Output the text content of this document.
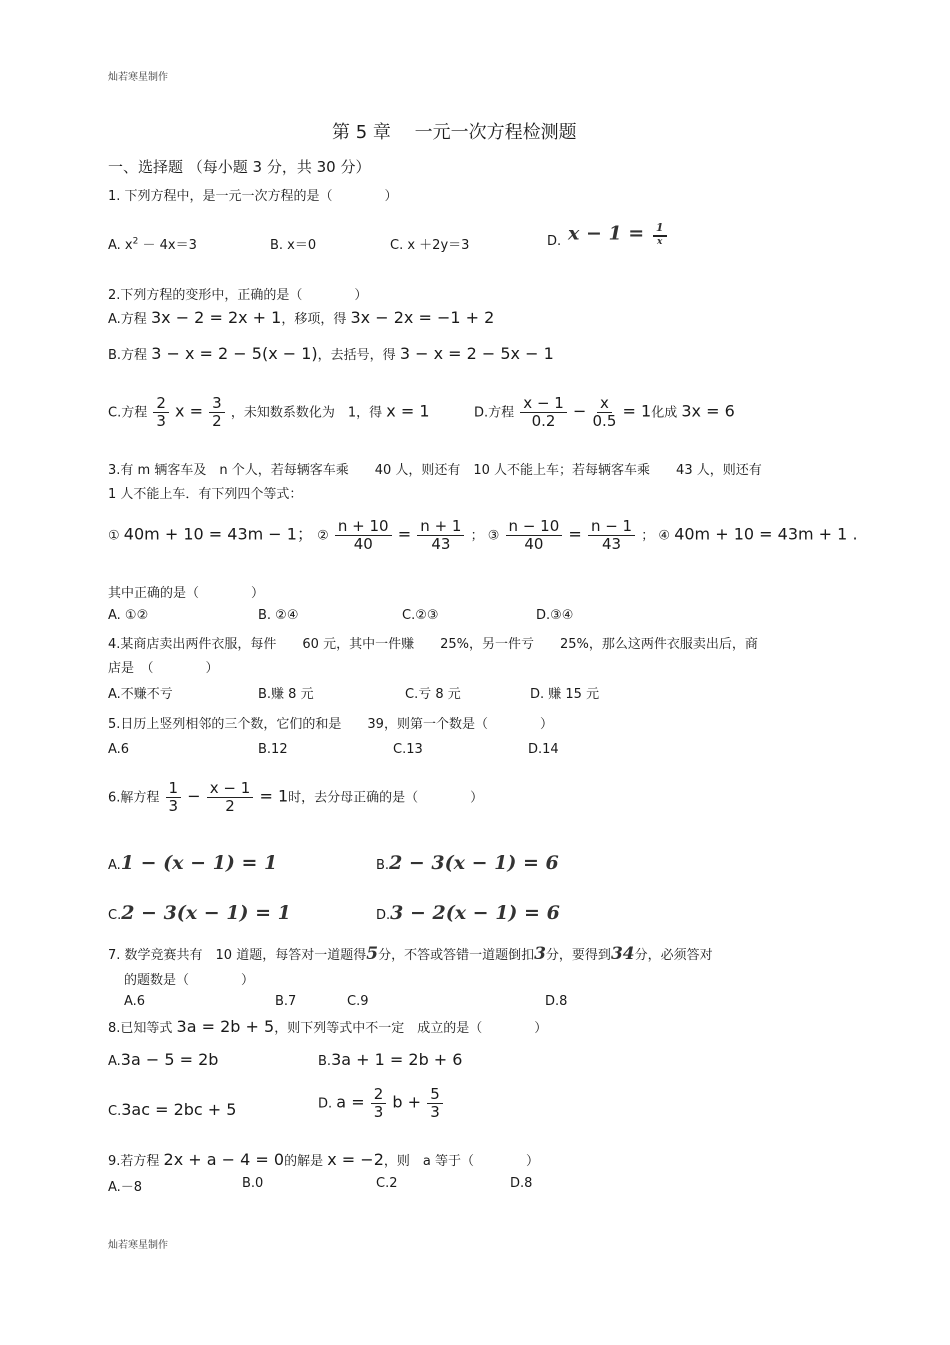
灿若寒星制作
灿若寒星制作
第 5 章　 一元一次方程检测题
一、选择题 （每小题 3 分，共 30 分）
1. 下列方程中，是一元一次方程的是（　　　　）
A. $x^2 - 4x=3$	B. x＝0	C. x ＋2y＝3	D. $x - 1 = \frac{1}{x}$
2.下列方程的变形中，正确的是（　　　　）
A.方程 3x − 2 = 2x + 1，移项，得 3x − 2x = −1 + 2
B.方程 3 − x = 2 − 5(x − 1)，去括号，得 3 − x = 2 − 5x − 1
C.方程 $\frac{2}{3}$ $x = \frac{3}{2}$ ，未知数系数化为　1，得 x = 1	D.方程 $\frac{x - 1}{0.2} - \frac{x}{0.5} = 1$化成 3x = 6
3.有 m 辆客车及　n 个人，若每辆客车乘　　40 人，则还有　10 人不能上车；若每辆客车乘　　43 人，则还有
1 人不能上车．有下列四个等式：
① 40m + 10 = 43m − 1； ② $\frac{n + 10}{40} = \frac{n + 1}{43}$ ； ③ $\frac{n - 10}{40} = \frac{n - 1}{43}$ ； ④ 40m + 10 = 43m + 1 .
其中正确的是（　　　　）
A. ①②	B. ②④	C.②③	D.③④
4.某商店卖出两件衣服，每件　　60 元，其中一件赚　　25%，另一件亏　　25%，那么这两件衣服卖出后，商
店是　（　　　　）
A.不赚不亏	B.赚 8 元	C.亏 8 元	D. 赚 15 元
5.日历上竖列相邻的三个数，它们的和是　　39，则第一个数是（　　　　）
A.6	B.12	C.13	D.14
6.解方程 $\frac{1}{3} - \frac{x - 1}{2} = 1$时，去分母正确的是（　　　　）
A.1 − (x − 1) = 1	B.2 − 3(x − 1) = 6
C.2 − 3(x − 1) = 1	D.3 − 2(x − 1) = 6
7. 数学竞赛共有　10 道题，每答对一道题得5分，不答或答错一道题倒扣3分，要得到34分，必须答对
的题数是（　　　　）
A.6	B.7	C.9	D.8
8.已知等式 3a = 2b + 5，则下列等式中不一定　成立的是（　　　　）
A.3a − 5 = 2b	B.3a + 1 = 2b + 6
C.3ac = 2bc + 5	D. $a = \frac{2}{3}$ $b + \frac{5}{3}$
9.若方程 2x + a − 4 = 0的解是 x = −2，则　a 等于（　　　　）
A.－8	B.0	C.2	D.8
